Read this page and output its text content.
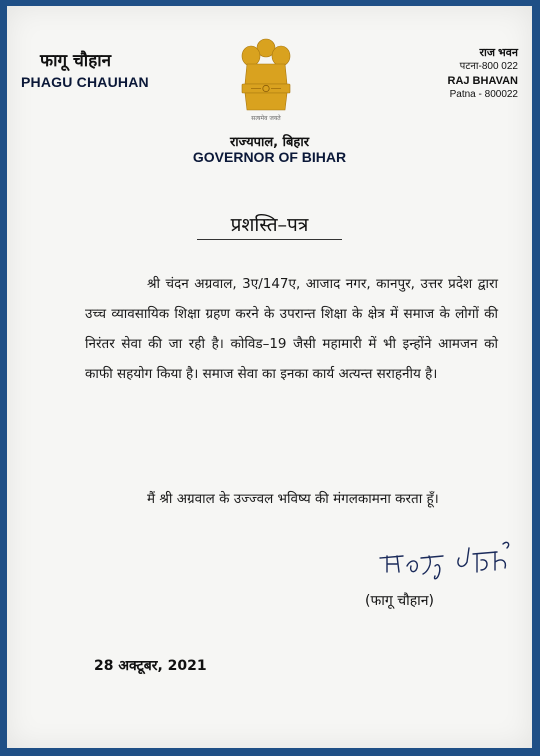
फागू चौहान
PHAGU CHAUHAN
राज भवन
पटना-800 022
RAJ BHAVAN
Patna - 800022
सत्यमेव जयते
राज्यपाल, बिहार
GOVERNOR OF BIHAR
प्रशस्ति–पत्र
श्री चंदन अग्रवाल, 3ए/147ए, आजाद नगर, कानपुर, उत्तर प्रदेश द्वारा उच्च व्यावसायिक शिक्षा ग्रहण करने के उपरान्त शिक्षा के क्षेत्र में समाज के लोगों की निरंतर सेवा की जा रही है। कोविड–19 जैसी महामारी में भी इन्होंने आमजन को काफी सहयोग किया है। समाज सेवा का इनका कार्य अत्यन्त सराहनीय है।
मैं श्री अग्रवाल के उज्ज्वल भविष्य की मंगलकामना करता हूँ।
(फागू चौहान)
28 अक्टूबर, 2021
